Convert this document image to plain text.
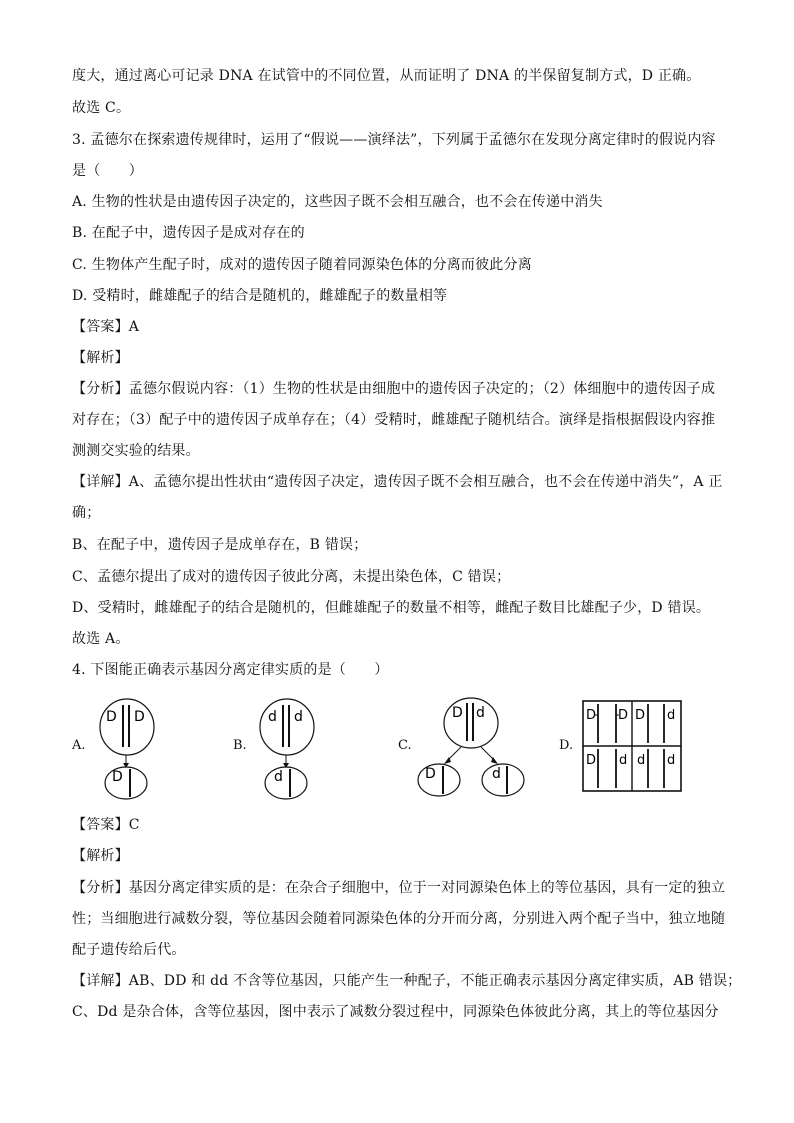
度大，通过离心可记录 DNA 在试管中的不同位置，从而证明了 DNA 的半保留复制方式，D 正确。
故选 C。
3. 孟德尔在探索遗传规律时，运用了“假说——演绎法”，下列属于孟德尔在发现分离定律时的假说内容
是（　　）
A. 生物的性状是由遗传因子决定的，这些因子既不会相互融合，也不会在传递中消失
B. 在配子中，遗传因子是成对存在的
C. 生物体产生配子时，成对的遗传因子随着同源染色体的分离而彼此分离
D. 受精时，雌雄配子的结合是随机的，雌雄配子的数量相等
【答案】A
【解析】
【分析】孟德尔假说内容：（1）生物的性状是由细胞中的遗传因子决定的；（2）体细胞中的遗传因子成
对存在；（3）配子中的遗传因子成单存在；（4）受精时，雌雄配子随机结合。演绎是指根据假设内容推
测测交实验的结果。
【详解】A、孟德尔提出性状由“遗传因子决定，遗传因子既不会相互融合，也不会在传递中消失”，A 正
确；
B、在配子中，遗传因子是成单存在，B 错误；
C、孟德尔提出了成对的遗传因子彼此分离，未提出染色体，C 错误；
D、受精时，雌雄配子的结合是随机的，但雌雄配子的数量不相等，雌配子数目比雄配子少，D 错误。
故选 A。
4. 下图能正确表示基因分离定律实质的是（　　）
A.
D D
D
B.
d d
d
C.
D d
D	d
D.
D D D d
D d d d
【答案】C
【解析】
【分析】基因分离定律实质的是：在杂合子细胞中，位于一对同源染色体上的等位基因，具有一定的独立
性；当细胞进行减数分裂，等位基因会随着同源染色体的分开而分离，分别进入两个配子当中，独立地随
配子遗传给后代。
【详解】AB、DD 和 dd 不含等位基因，只能产生一种配子，不能正确表示基因分离定律实质，AB 错误；
C、Dd 是杂合体，含等位基因，图中表示了减数分裂过程中，同源染色体彼此分离，其上的等位基因分
